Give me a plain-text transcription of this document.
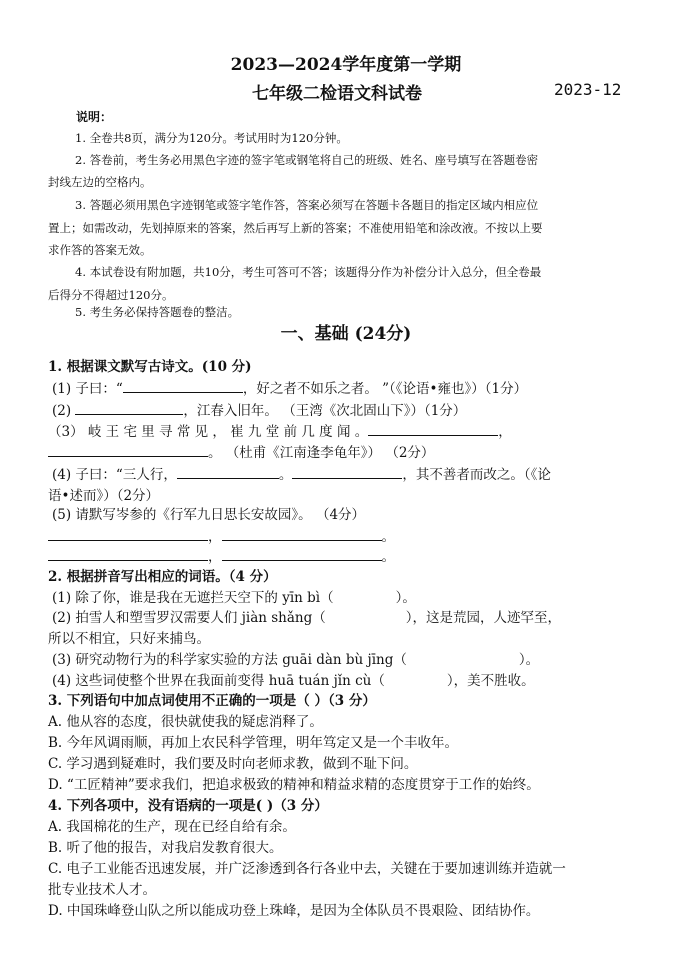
2023—2024学年度第一学期
七年级二检语文科试卷	2023-12
说明：
1. 全卷共8页，满分为120分。考试用时为120分钟。
2. 答卷前，考生务必用黑色字迹的签字笔或钢笔将自己的班级、姓名、座号填写在答题卷密
封线左边的空格内。
3. 答题必须用黑色字迹钢笔或签字笔作答，答案必须写在答题卡各题目的指定区域内相应位
置上；如需改动，先划掉原来的答案，然后再写上新的答案；不准使用铅笔和涂改液。不按以上要
求作答的答案无效。
4. 本试卷设有附加题，共10分，考生可答可不答；该题得分作为补偿分计入总分，但全卷最
后得分不得超过120分。
5. 考生务必保持答题卷的整洁。
一、基础 (24分)
1. 根据课文默写古诗文。(10 分)
(1) 子曰：“	，好之者不如乐之者。 ”（《论语•雍也》）（1分）
(2)	，江春入旧年。 （王湾《次北固山下》）（1分）
（3） 岐 王 宅 里 寻 常 见 ， 崔 九 堂 前 几 度 闻 。	，
。 （杜甫《江南逢李龟年》） （2分）
(4) 子曰：“三人行，	。	，其不善者而改之。（《论
语•述而》）（2分）
(5) 请默写岑参的《行军九日思长安故园》。 （4分）
，	。
，	。
2. 根据拼音写出相应的词语。（4 分）
(1) 除了你，谁是我在无遮拦天空下的 yīn bì（	）。
(2) 拍雪人和塑雪罗汉需要人们 jiàn shǎng（	），这是荒园，人迹罕至，
所以不相宜，只好来捕鸟。
(3) 研究动物行为的科学家实验的方法 guāi dàn bù jīng（	）。
(4) 这些词使整个世界在我面前变得 huā tuán jǐn cù（	），美不胜收。
3. 下列语句中加点词使用不正确的一项是（ ）（3 分）
A. 他从容的态度，很快就使我的疑虑消释了。
B. 今年风调雨顺，再加上农民科学管理，明年笃定又是一个丰收年。
C. 学习遇到疑难时，我们要及时向老师求教，做到不耻下问。
D. “工匠精神”要求我们，把追求极致的精神和精益求精的态度贯穿于工作的始终。
4. 下列各项中，没有语病的一项是( )（3 分）
A. 我国棉花的生产，现在已经自给有余。
B. 听了他的报告，对我启发教育很大。
C. 电子工业能否迅速发展，并广泛渗透到各行各业中去，关键在于要加速训练并造就一
批专业技术人才。
D. 中国珠峰登山队之所以能成功登上珠峰，是因为全体队员不畏艰险、团结协作。
